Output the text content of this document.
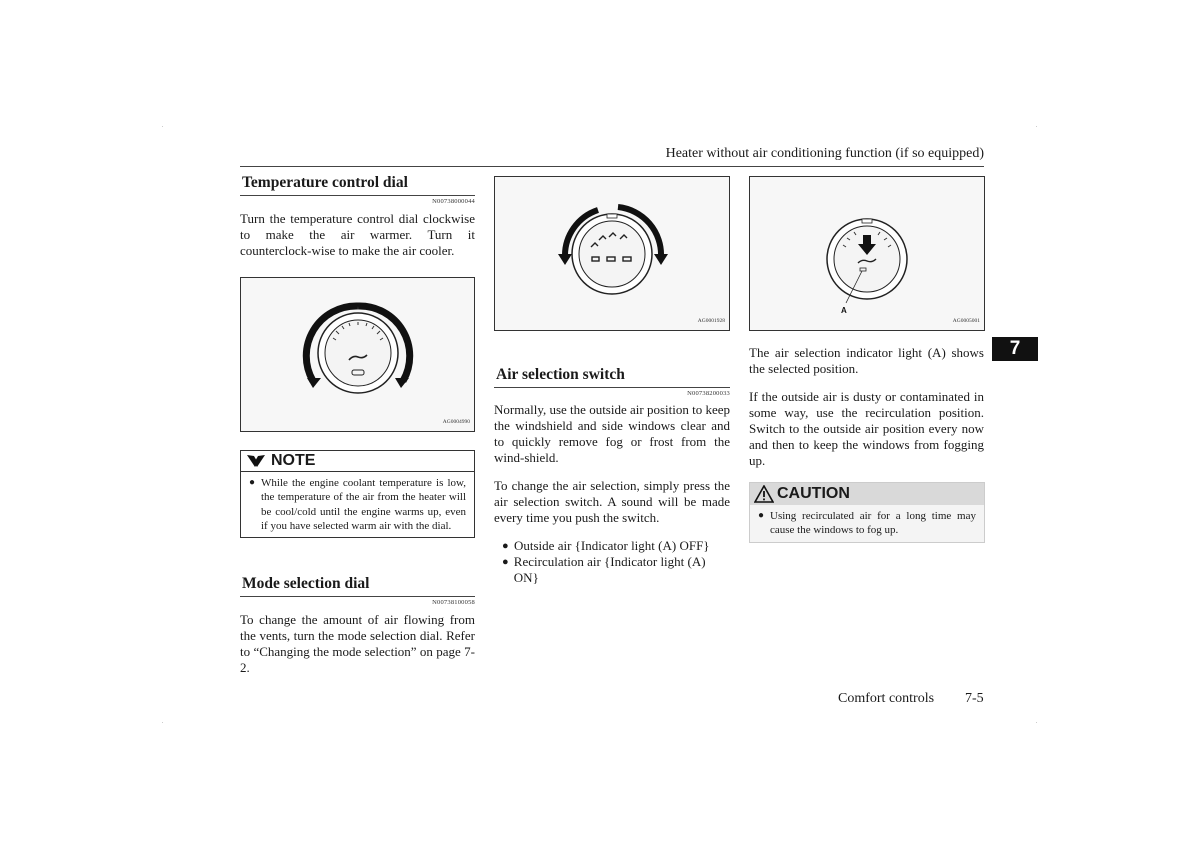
Heater without air conditioning function (if so equipped)
7
Temperature control dial
N00738000044
Turn the temperature control dial clockwise to make the air warmer. Turn it counterclock-wise to make the air cooler.
AG0004990
NOTE
● While the engine coolant temperature is low, the temperature of the air from the heater will be cool/cold until the engine warms up, even if you have selected warm air with the dial.
Mode selection dial
N00738100058
To change the amount of air flowing from the vents, turn the mode selection dial. Refer to “Changing the mode selection” on page 7-2.
AG0001928
Air selection switch
N00738200033
Normally, use the outside air position to keep the windshield and side windows clear and to quickly remove fog or frost from the wind-shield.
To change the air selection, simply press the air selection switch. A sound will be made every time you push the switch.
● Outside air {Indicator light (A) OFF}
● Recirculation air {Indicator light (A) ON}
A
AG0005001
The air selection indicator light (A) shows the selected position.
If the outside air is dusty or contaminated in some way, use the recirculation position. Switch to the outside air position every now and then to keep the windows from fogging up.
CAUTION
● Using recirculated air for a long time may cause the windows to fog up.
Comfort controls 7-5
